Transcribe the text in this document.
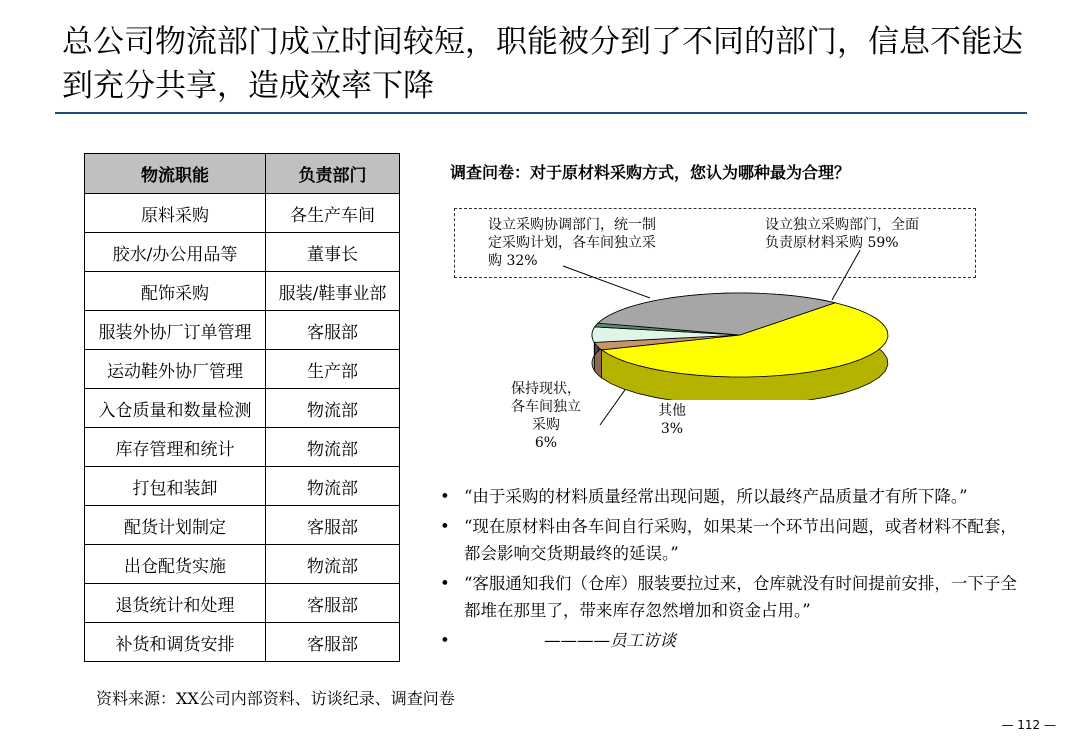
总公司物流部门成立时间较短，职能被分到了不同的部门，信息不能达到充分共享，造成效率下降
物流职能	负责部门
原料采购	各生产车间
胶水/办公用品等	董事长
配饰采购	服装/鞋事业部
服装外协厂订单管理	客服部
运动鞋外协厂管理	生产部
入仓质量和数量检测	物流部
库存管理和统计	物流部
打包和装卸	物流部
配货计划制定	客服部
出仓配货实施	物流部
退货统计和处理	客服部
补货和调货安排	客服部
调查问卷：对于原材料采购方式，您认为哪种最为合理？
设立采购协调部门，统一制
定采购计划，各车间独立采
购 32%
设立独立采购部门，全面
负责原材料采购 59%
保持现状，
各车间独立
采购
6%
其他
3%
• “由于采购的材料质量经常出现问题，所以最终产品质量才有所下降。”
• “现在原材料由各车间自行采购，如果某一个环节出问题，或者材料不配套，都会影响交货期最终的延误。”
• “客服通知我们（仓库）服装要拉过来，仓库就没有时间提前安排，一下子全都堆在那里了，带来库存忽然增加和资金占用。”
•	————员工访谈
资料来源：XX公司内部资料、访谈纪录、调查问卷
— 112 —
